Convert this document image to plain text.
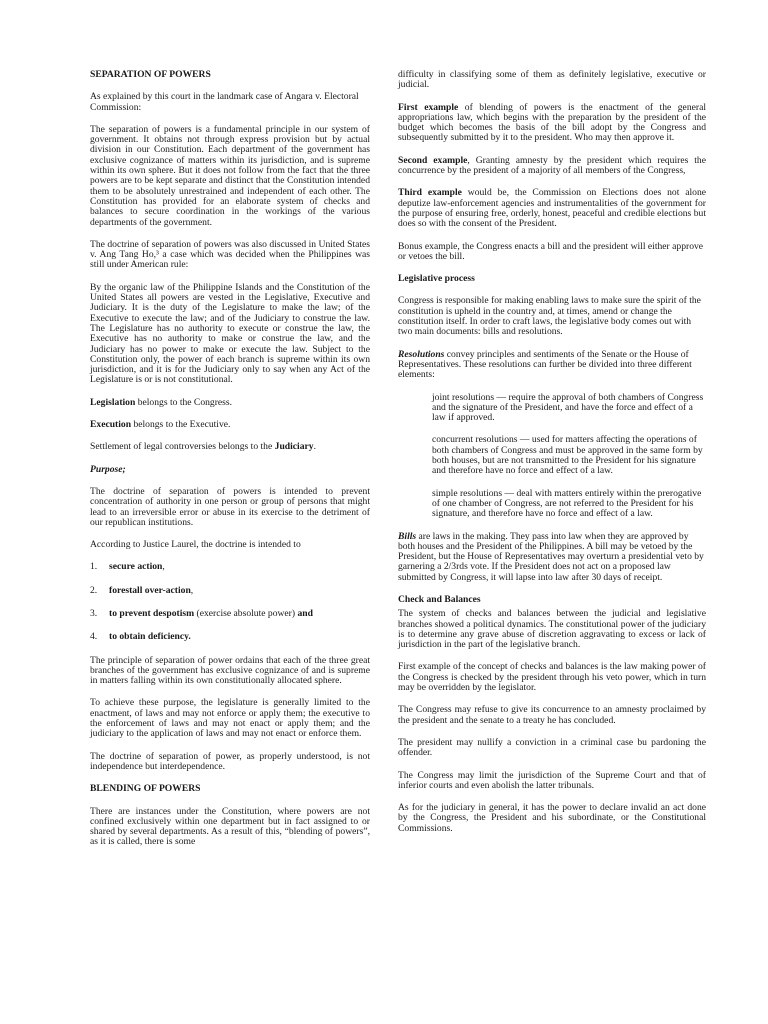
SEPARATION OF POWERS

As explained by this court in the landmark case of Angara v. Electoral Commission:

The separation of powers is a fundamental principle in our system of government. It obtains not through express provision but by actual division in our Constitution. Each department of the government has exclusive cognizance of matters within its jurisdiction, and is supreme within its own sphere. But it does not follow from the fact that the three powers are to be kept separate and distinct that the Constitution intended them to be absolutely unrestrained and independent of each other. The Constitution has provided for an elaborate system of checks and balances to secure coordination in the workings of the various departments of the government.

The doctrine of separation of powers was also discussed in United States v. Ang Tang Ho,³ a case which was decided when the Philippines was still under American rule:

By the organic law of the Philippine Islands and the Constitution of the United States all powers are vested in the Legislative, Executive and Judiciary. It is the duty of the Legislature to make the law; of the Executive to execute the law; and of the Judiciary to construe the law. The Legislature has no authority to execute or construe the law, the Executive has no authority to make or construe the law, and the Judiciary has no power to make or execute the law. Subject to the Constitution only, the power of each branch is supreme within its own jurisdiction, and it is for the Judiciary only to say when any Act of the Legislature is or is not constitutional.

Legislation belongs to the Congress.

Execution belongs to the Executive.

Settlement of legal controversies belongs to the Judiciary.

Purpose;

The doctrine of separation of powers is intended to prevent concentration of authority in one person or group of persons that might lead to an irreversible error or abuse in its exercise to the detriment of our republican institutions.

According to Justice Laurel, the doctrine is intended to

1. secure action,
2. forestall over-action,
3. to prevent despotism (exercise absolute power) and
4. to obtain deficiency.

The principle of separation of power ordains that each of the three great branches of the government has exclusive cognizance of and is supreme in matters falling within its own constitutionally allocated sphere.

To achieve these purpose, the legislature is generally limited to the enactment, of laws and may not enforce or apply them; the executive to the enforcement of laws and may not enact or apply them; and the judiciary to the application of laws and may not enact or enforce them.

The doctrine of separation of power, as properly understood, is not independence but interdependence.

BLENDING OF POWERS

There are instances under the Constitution, where powers are not confined exclusively within one department but in fact assigned to or shared by several departments. As a result of this, “blending of powers”, as it is called, there is some

difficulty in classifying some of them as definitely legislative, executive or judicial.

First example of blending of powers is the enactment of the general appropriations law, which begins with the preparation by the president of the budget which becomes the basis of the bill adopt by the Congress and subsequently submitted by it to the president. Who may then approve it.

Second example, Granting amnesty by the president which requires the concurrence by the president of a majority of all members of the Congress,

Third example would be, the Commission on Elections does not alone deputize law-enforcement agencies and instrumentalities of the government for the purpose of ensuring free, orderly, honest, peaceful and credible elections but does so with the consent of the President.

Bonus example, the Congress enacts a bill and the president will either approve or vetoes the bill.

Legislative process

Congress is responsible for making enabling laws to make sure the spirit of the constitution is upheld in the country and, at times, amend or change the constitution itself. In order to craft laws, the legislative body comes out with two main documents: bills and resolutions.

Resolutions convey principles and sentiments of the Senate or the House of Representatives. These resolutions can further be divided into three different elements:

joint resolutions — require the approval of both chambers of Congress and the signature of the President, and have the force and effect of a law if approved.

concurrent resolutions — used for matters affecting the operations of both chambers of Congress and must be approved in the same form by both houses, but are not transmitted to the President for his signature and therefore have no force and effect of a law.

simple resolutions — deal with matters entirely within the prerogative of one chamber of Congress, are not referred to the President for his signature, and therefore have no force and effect of a law.

Bills are laws in the making. They pass into law when they are approved by both houses and the President of the Philippines. A bill may be vetoed by the President, but the House of Representatives may overturn a presidential veto by garnering a 2/3rds vote. If the President does not act on a proposed law submitted by Congress, it will lapse into law after 30 days of receipt.

Check and Balances

The system of checks and balances between the judicial and legislative branches showed a political dynamics. The constitutional power of the judiciary is to determine any grave abuse of discretion aggravating to excess or lack of jurisdiction in the part of the legislative branch.

First example of the concept of checks and balances is the law making power of the Congress is checked by the president through his veto power, which in turn may be overridden by the legislator.

The Congress may refuse to give its concurrence to an amnesty proclaimed by the president and the senate to a treaty he has concluded.

The president may nullify a conviction in a criminal case bu pardoning the offender.

The Congress may limit the jurisdiction of the Supreme Court and that of inferior courts and even abolish the latter tribunals.

As for the judiciary in general, it has the power to declare invalid an act done by the Congress, the President and his subordinate, or the Constitutional Commissions.
